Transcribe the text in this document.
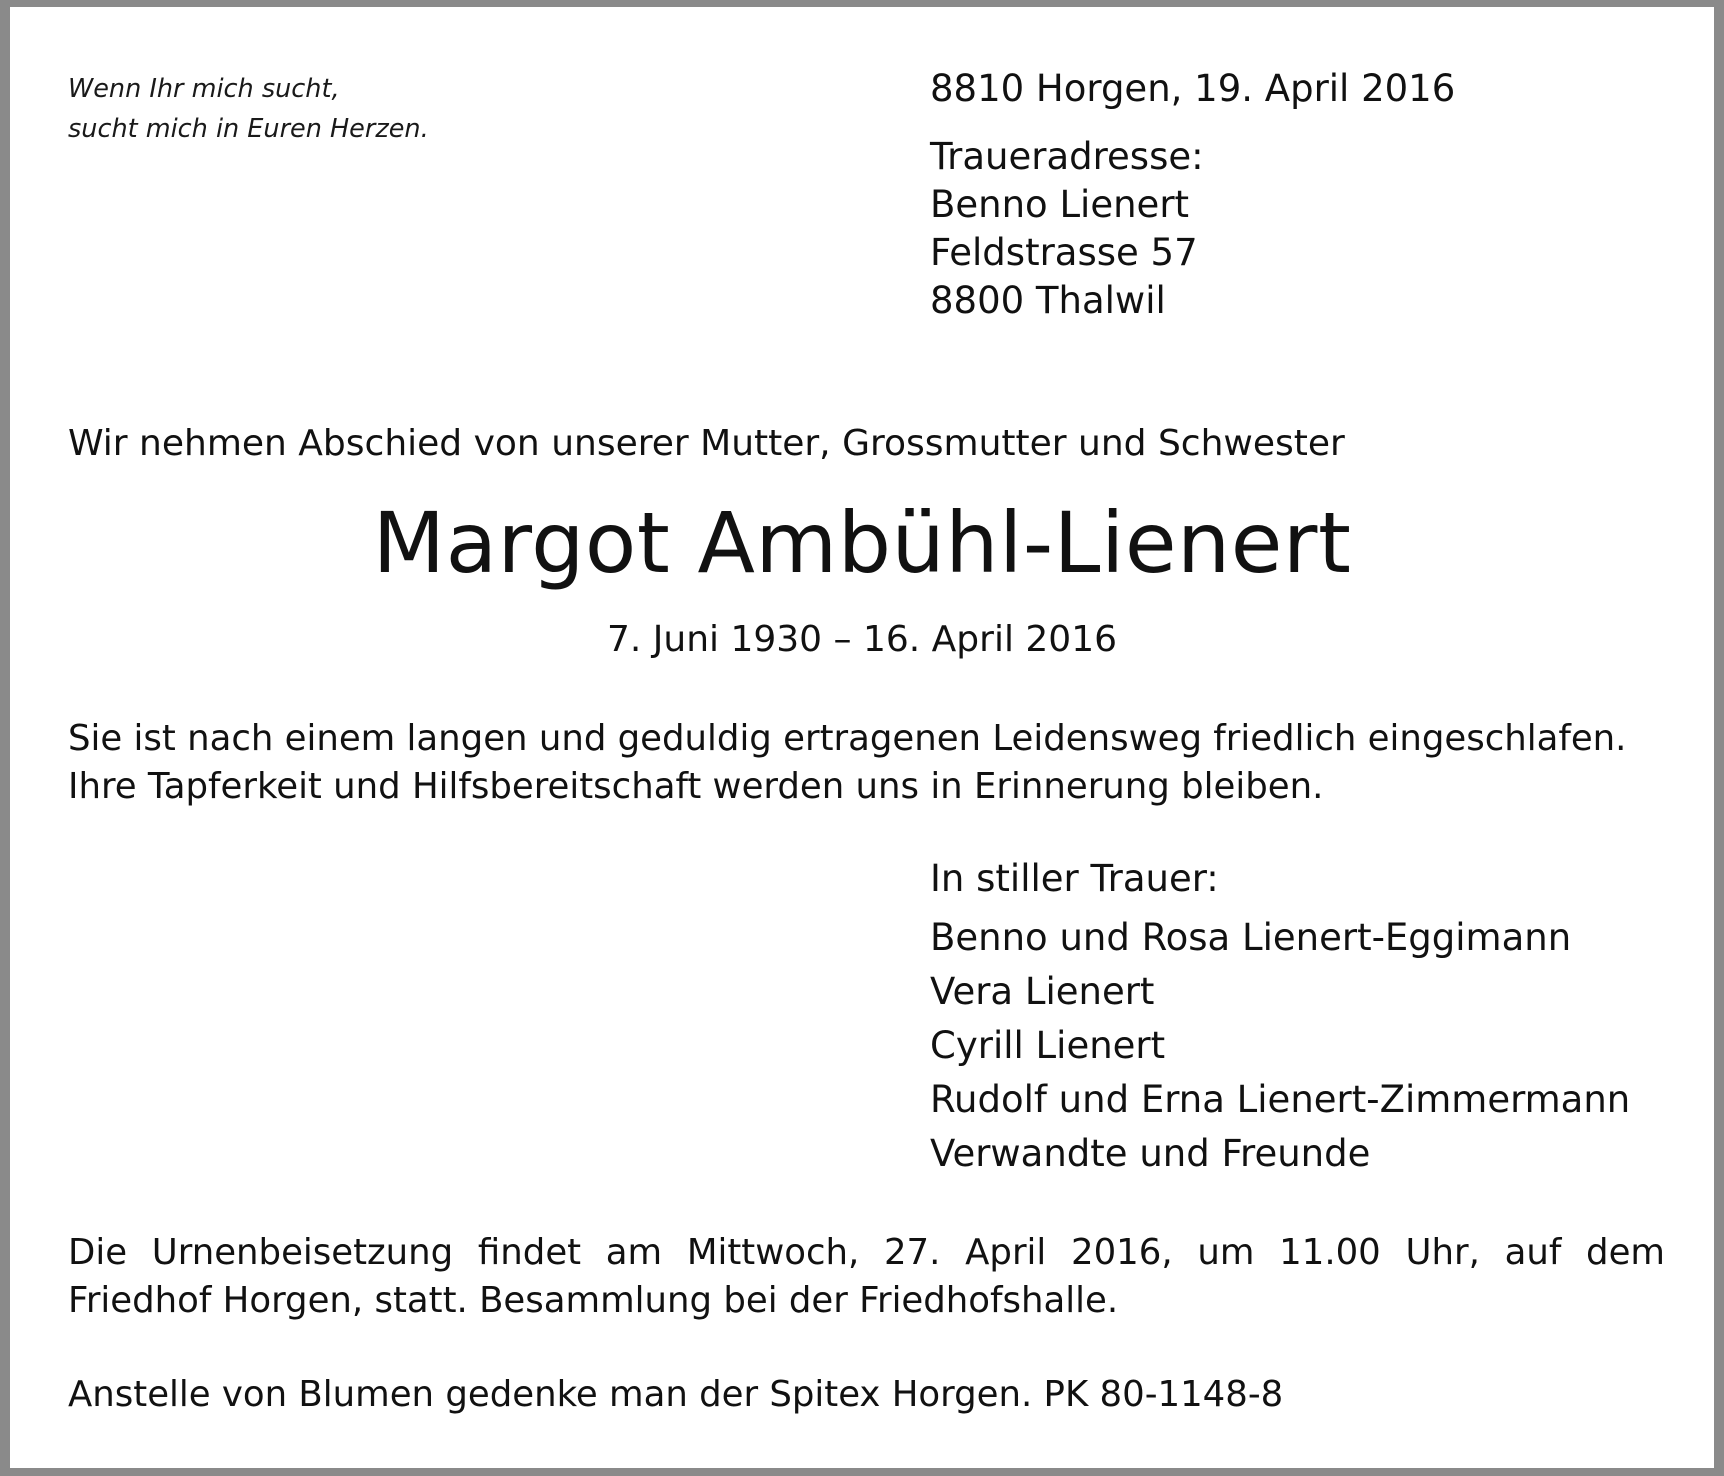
Wenn Ihr mich sucht,
sucht mich in Euren Herzen.
8810 Horgen, 19. April 2016
Traueradresse:
Benno Lienert
Feldstrasse 57
8800 Thalwil
Wir nehmen Abschied von unserer Mutter, Grossmutter und Schwester
Margot Ambühl-Lienert
7. Juni 1930 – 16. April 2016
Sie ist nach einem langen und geduldig ertragenen Leidensweg friedlich eingeschlafen.
Ihre Tapferkeit und Hilfsbereitschaft werden uns in Erinnerung bleiben.
In stiller Trauer:
Benno und Rosa Lienert-Eggimann
Vera Lienert
Cyrill Lienert
Rudolf und Erna Lienert-Zimmermann
Verwandte und Freunde
Die Urnenbeisetzung findet am Mittwoch, 27. April 2016, um 11.00 Uhr, auf dem
Friedhof Horgen, statt. Besammlung bei der Friedhofshalle.
Anstelle von Blumen gedenke man der Spitex Horgen. PK 80-1148-8
